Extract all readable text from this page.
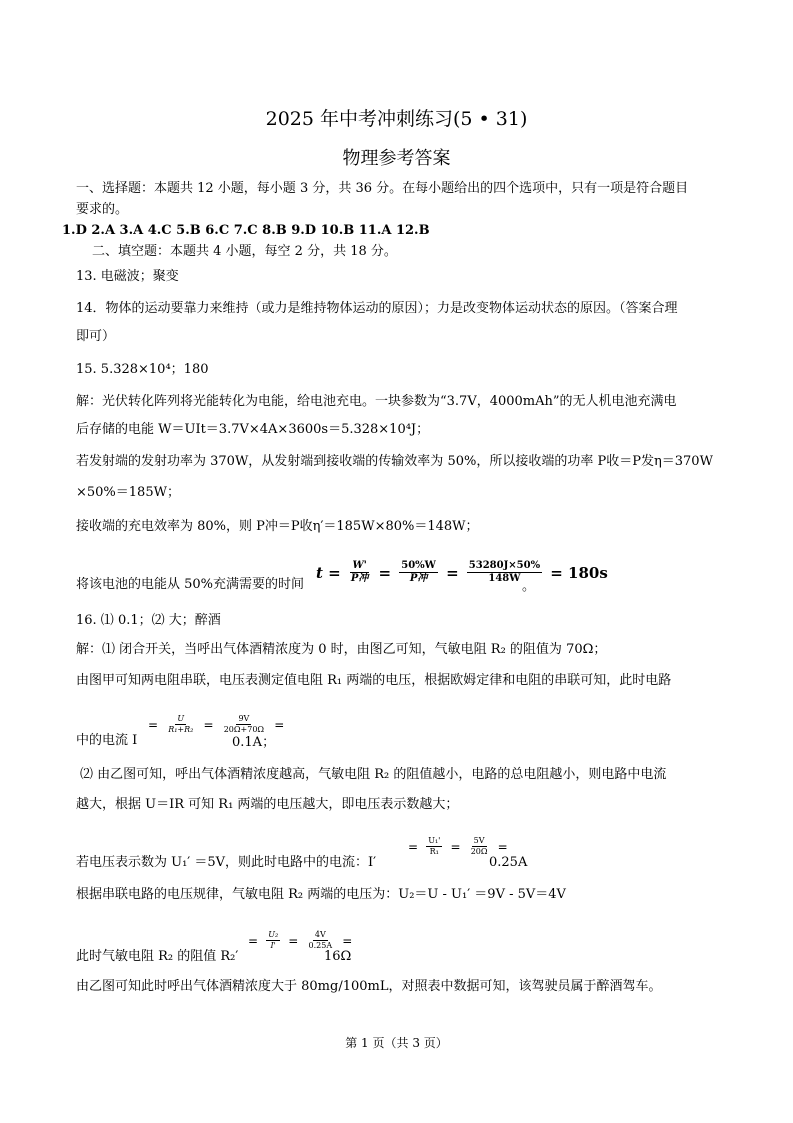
2025 年中考冲刺练习(5 • 31)
物理参考答案
一、选择题：本题共 12 小题，每小题 3 分，共 36 分。在每小题给出的四个选项中，只有一项是符合题目
要求的。
1.D 2.A 3.A 4.C 5.B 6.C 7.C 8.B 9.D 10.B 11.A 12.B
二、填空题：本题共 4 小题，每空 2 分，共 18 分。
13. 电磁波；聚变
14．物体的运动要靠力来维持（或力是维持物体运动的原因）；力是改变物体运动状态的原因。（答案合理
即可）
15. 5.328×10⁴；180
解：光伏转化阵列将光能转化为电能，给电池充电。一块参数为“3.7V，4000mAh”的无人机电池充满电
后存储的电能 W＝UIt＝3.7V×4A×3600s＝5.328×10⁴J；
若发射端的发射功率为 370W，从发射端到接收端的传输效率为 50%，所以接收端的功率 P收＝P发η＝370W
×50%＝185W；
接收端的充电效率为 80%，则 P冲＝P收η′＝185W×80%＝148W；
将该电池的电能从 50%充满需要的时间
$t = \frac{W'}{\text{P冲}} = \frac{50\%W}{\text{P冲}} = \frac{53280J\times 50\%}{148W} = 180s$
。
16. ⑴ 0.1；⑵ 大；醉酒
解：⑴ 闭合开关，当呼出气体酒精浓度为 0 时，由图乙可知，气敏电阻 R₂ 的阻值为 70Ω；
由图甲可知两电阻串联，电压表测定值电阻 R₁ 两端的电压，根据欧姆定律和电阻的串联可知，此时电路
中的电流 I
= $\frac{U}{\text{R₁+R₂}} = \frac{9V}{20\Omega+70\Omega}$ =
0.1A；
⑵ 由乙图可知，呼出气体酒精浓度越高，气敏电阻 R₂ 的阻值越小，电路的总电阻越小，则电路中电流
越大，根据 U＝IR 可知 R₁ 两端的电压越大，即电压表示数越大；
若电压表示数为 U₁′ ＝5V，则此时电路中的电流：I′
= $\frac{\text{U₁'}}{\text{R₁}} = \frac{5V}{20\Omega}$ =
0.25A
根据串联电路的电压规律，气敏电阻 R₂ 两端的电压为：U₂＝U - U₁′ ＝9V - 5V＝4V
此时气敏电阻 R₂ 的阻值 R₂′
= $\frac{\text{U₂}}{I'} = \frac{4V}{0.25A}$ =
16Ω
由乙图可知此时呼出气体酒精浓度大于 80mg/100mL，对照表中数据可知，该驾驶员属于醉酒驾车。
第 1 页（共 3 页）
